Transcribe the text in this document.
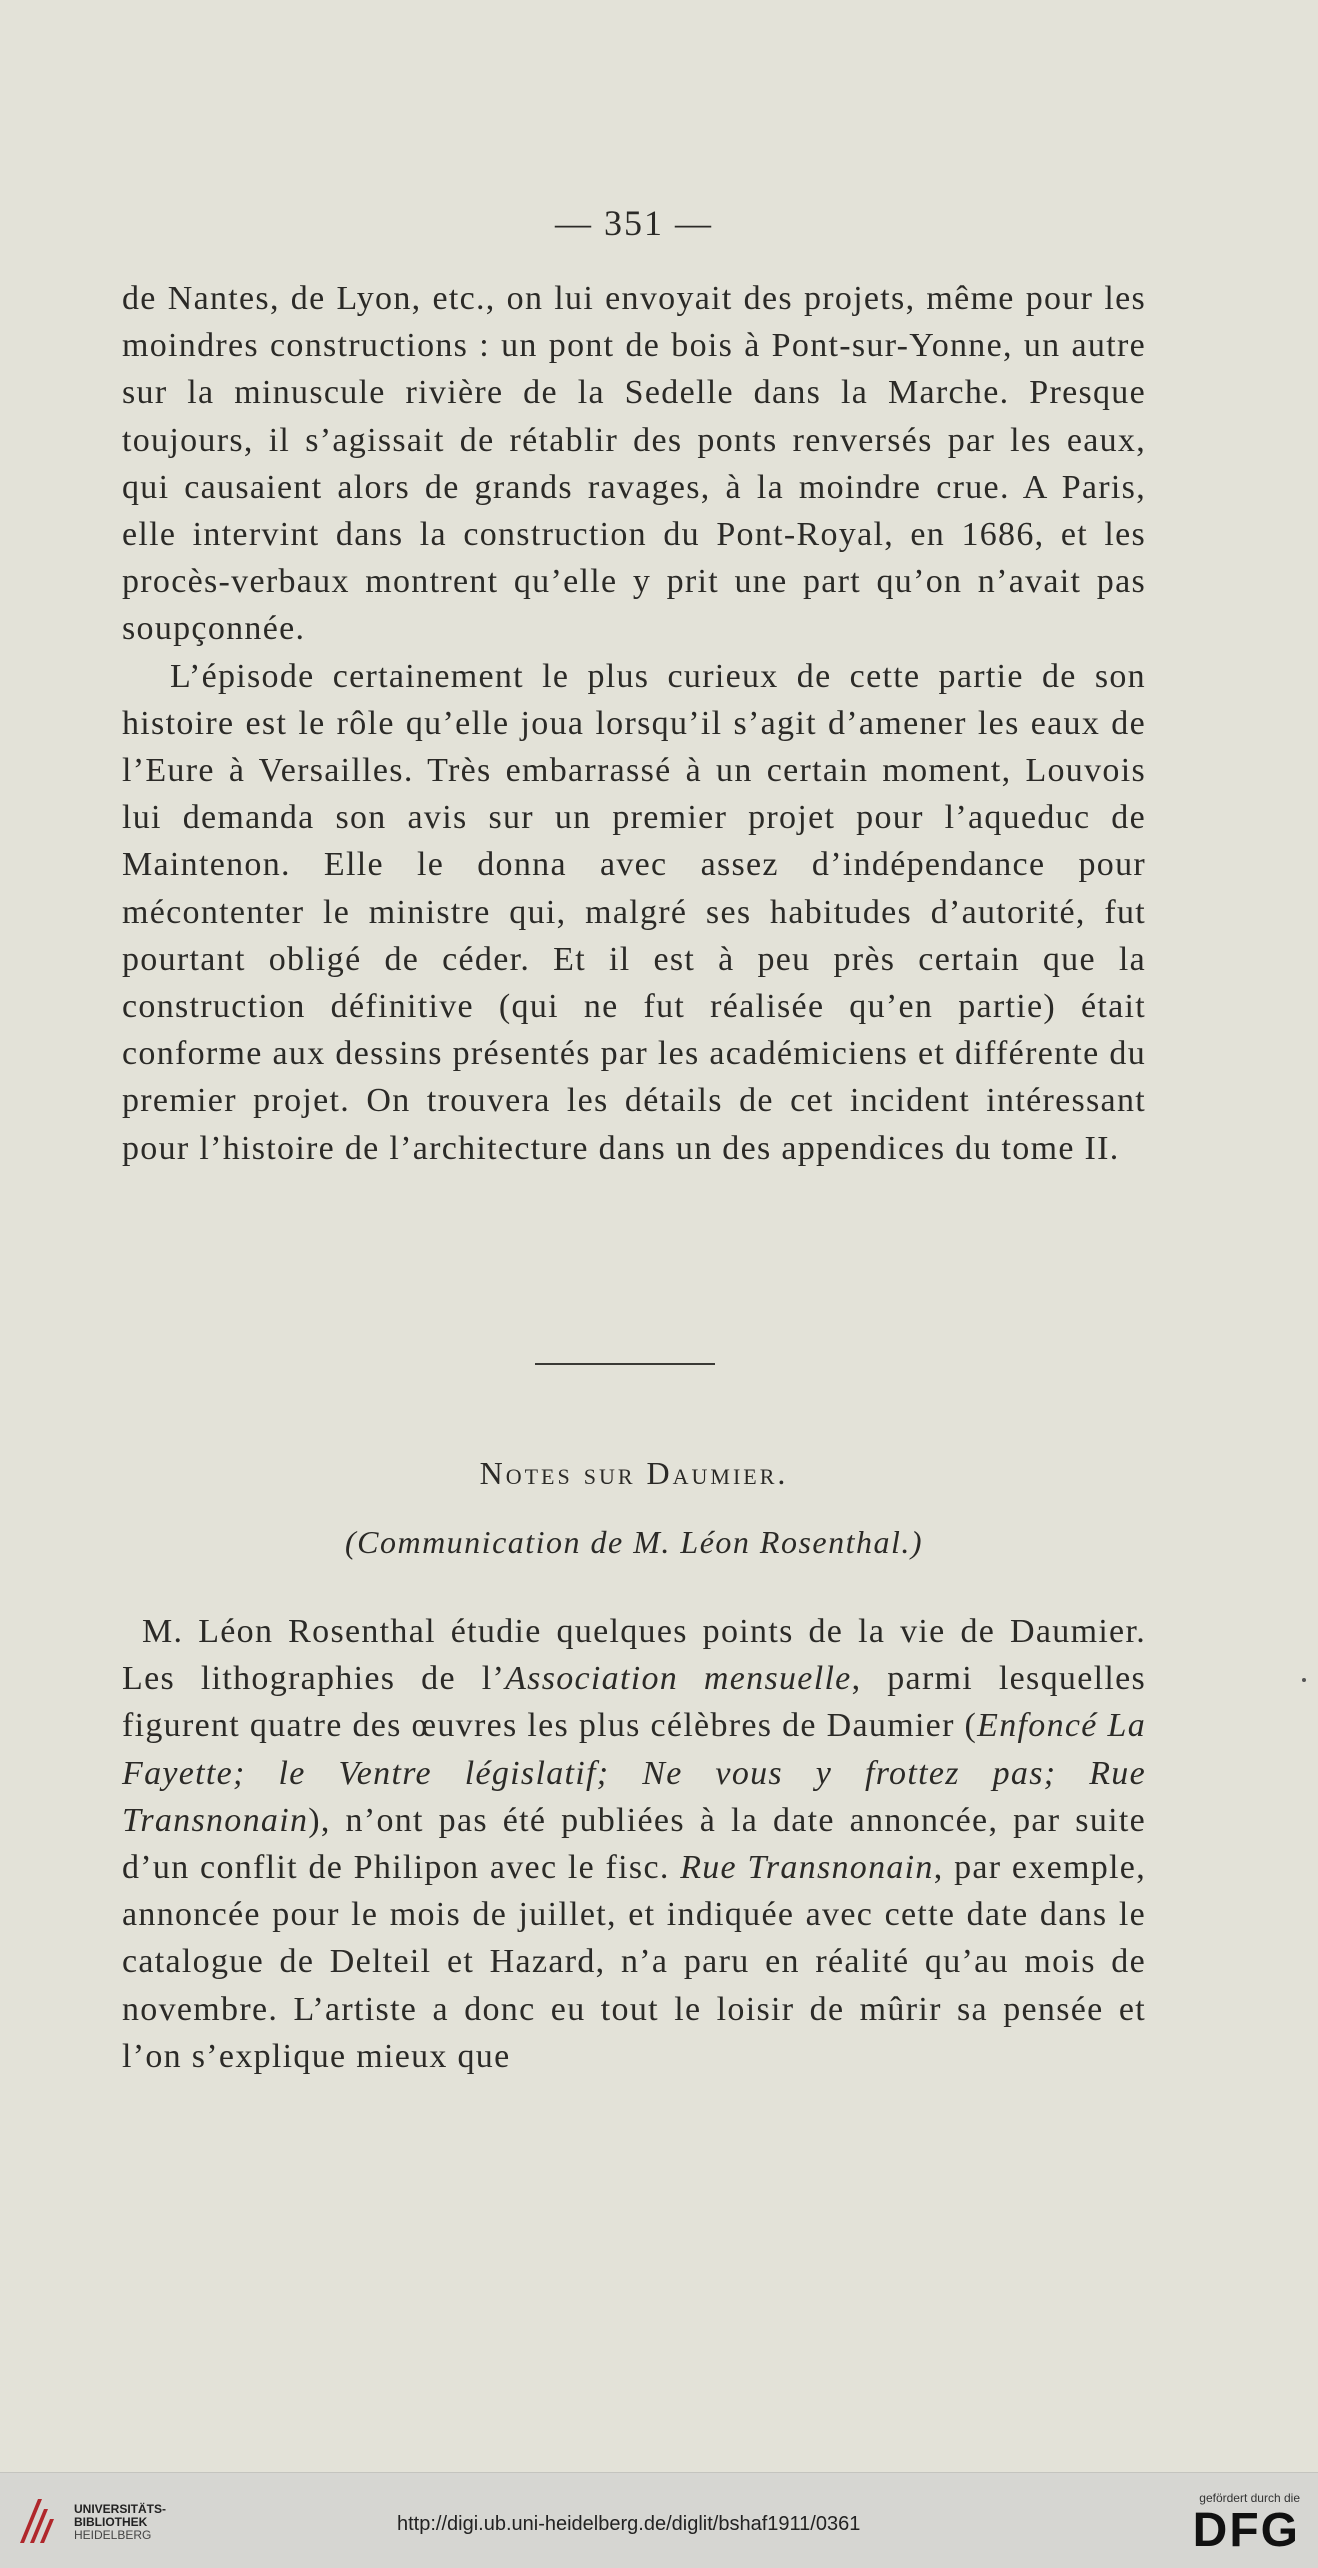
— 351 —

de Nantes, de Lyon, etc., on lui envoyait des projets, même pour les moindres constructions : un pont de bois à Pont-sur-Yonne, un autre sur la minuscule rivière de la Sedelle dans la Marche. Presque toujours, il s’agissait de rétablir des ponts renversés par les eaux, qui causaient alors de grands ravages, à la moindre crue. A Paris, elle intervint dans la construction du Pont-Royal, en 1686, et les procès-verbaux montrent qu’elle y prit une part qu’on n’avait pas soupçonnée.

L’épisode certainement le plus curieux de cette partie de son histoire est le rôle qu’elle joua lorsqu’il s’agit d’amener les eaux de l’Eure à Versailles. Très embarrassé à un certain moment, Louvois lui demanda son avis sur un premier projet pour l’aqueduc de Maintenon. Elle le donna avec assez d’indépendance pour mécontenter le ministre qui, malgré ses habitudes d’autorité, fut pourtant obligé de céder. Et il est à peu près certain que la construction définitive (qui ne fut réalisée qu’en partie) était conforme aux dessins présentés par les académiciens et différente du premier projet. On trouvera les détails de cet incident intéressant pour l’histoire de l’architecture dans un des appendices du tome II.

Notes sur Daumier.
(Communication de M. Léon Rosenthal.)

M. Léon Rosenthal étudie quelques points de la vie de Daumier. Les lithographies de l’Association mensuelle, parmi lesquelles figurent quatre des œuvres les plus célèbres de Daumier (Enfoncé La Fayette; le Ventre législatif; Ne vous y frottez pas; Rue Transnonain), n’ont pas été publiées à la date annoncée, par suite d’un conflit de Philipon avec le fisc. Rue Transnonain, par exemple, annoncée pour le mois de juillet, et indiquée avec cette date dans le catalogue de Delteil et Hazard, n’a paru en réalité qu’au mois de novembre. L’artiste a donc eu tout le loisir de mûrir sa pensée et l’on s’explique mieux que

UNIVERSITÄTS-
BIBLIOTHEK
HEIDELBERG	http://digi.ub.uni-heidelberg.de/diglit/bshaf1911/0361
gefördert durch die
DFG
